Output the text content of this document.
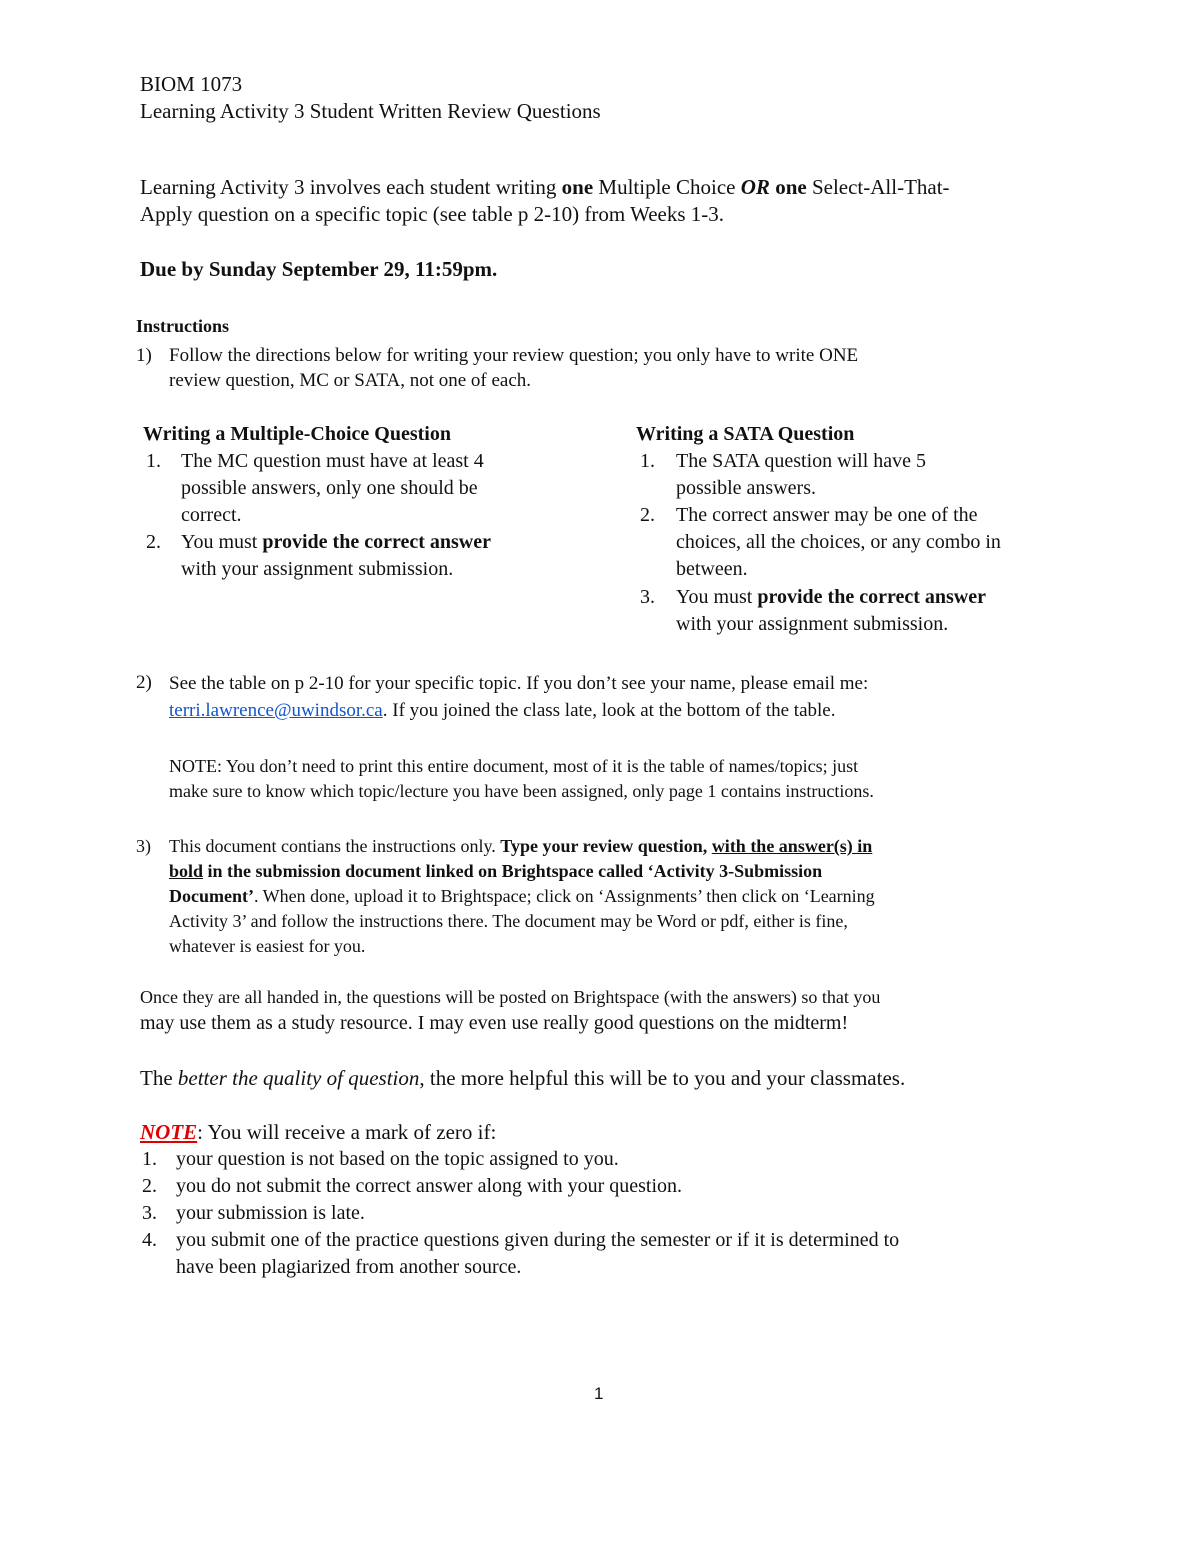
BIOM 1073
Learning Activity 3 Student Written Review Questions
Learning Activity 3 involves each student writing one Multiple Choice OR one Select-All-That-
Apply question on a specific topic (see table p 2-10) from Weeks 1-3.
Due by Sunday September 29, 11:59pm.
Instructions
1) Follow the directions below for writing your review question; you only have to write ONE
review question, MC or SATA, not one of each.
Writing a Multiple-Choice Question
1. The MC question must have at least 4
possible answers, only one should be
correct.
2. You must provide the correct answer
with your assignment submission.
Writing a SATA Question
1. The SATA question will have 5
possible answers.
2. The correct answer may be one of the
choices, all the choices, or any combo in
between.
3. You must provide the correct answer
with your assignment submission.
2) See the table on p 2-10 for your specific topic. If you don’t see your name, please email me:
terri.lawrence@uwindsor.ca. If you joined the class late, look at the bottom of the table.
NOTE: You don’t need to print this entire document, most of it is the table of names/topics; just
make sure to know which topic/lecture you have been assigned, only page 1 contains instructions.
3) This document contians the instructions only. Type your review question, with the answer(s) in
bold in the submission document linked on Brightspace called ‘Activity 3-Submission
Document’. When done, upload it to Brightspace; click on ‘Assignments’ then click on ‘Learning
Activity 3’ and follow the instructions there. The document may be Word or pdf, either is fine,
whatever is easiest for you.
Once they are all handed in, the questions will be posted on Brightspace (with the answers) so that you
may use them as a study resource. I may even use really good questions on the midterm!
The better the quality of question, the more helpful this will be to you and your classmates.
NOTE: You will receive a mark of zero if:
1. your question is not based on the topic assigned to you.
2. you do not submit the correct answer along with your question.
3. your submission is late.
4. you submit one of the practice questions given during the semester or if it is determined to
have been plagiarized from another source.
1
